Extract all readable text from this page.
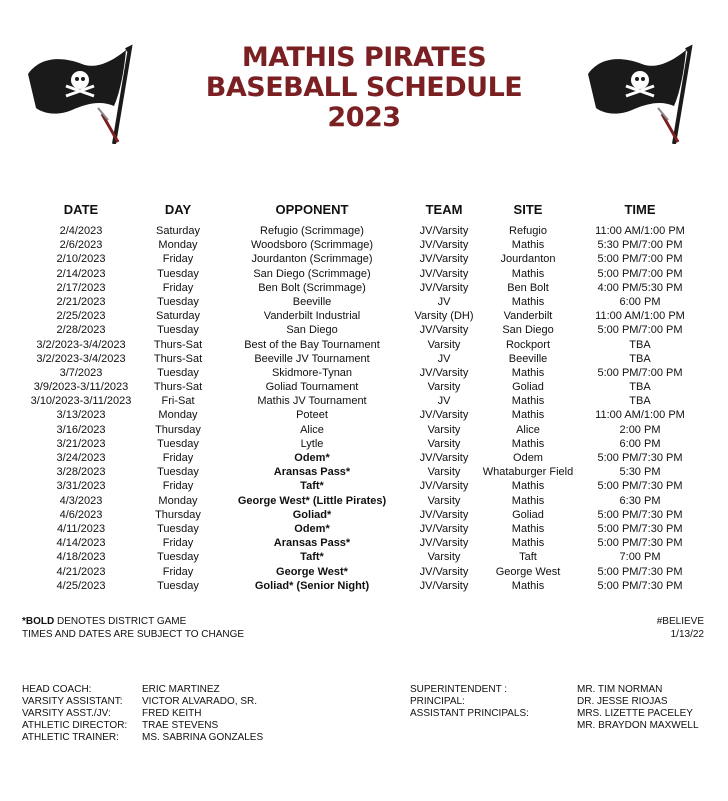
MATHIS PIRATES
BASEBALL SCHEDULE
2023
DATE	DAY	OPPONENT	TEAM	SITE	TIME
2/4/2023	Saturday	Refugio (Scrimmage)	JV/Varsity	Refugio	11:00 AM/1:00 PM
2/6/2023	Monday	Woodsboro (Scrimmage)	JV/Varsity	Mathis	5:30 PM/7:00 PM
2/10/2023	Friday	Jourdanton (Scrimmage)	JV/Varsity	Jourdanton	5:00 PM/7:00 PM
2/14/2023	Tuesday	San Diego (Scrimmage)	JV/Varsity	Mathis	5:00 PM/7:00 PM
2/17/2023	Friday	Ben Bolt (Scrimmage)	JV/Varsity	Ben Bolt	4:00 PM/5:30 PM
2/21/2023	Tuesday	Beeville	JV	Mathis	6:00 PM
2/25/2023	Saturday	Vanderbilt Industrial	Varsity (DH)	Vanderbilt	11:00 AM/1:00 PM
2/28/2023	Tuesday	San Diego	JV/Varsity	San Diego	5:00 PM/7:00 PM
3/2/2023-3/4/2023	Thurs-Sat	Best of the Bay Tournament	Varsity	Rockport	TBA
3/2/2023-3/4/2023	Thurs-Sat	Beeville JV Tournament	JV	Beeville	TBA
3/7/2023	Tuesday	Skidmore-Tynan	JV/Varsity	Mathis	5:00 PM/7:00 PM
3/9/2023-3/11/2023	Thurs-Sat	Goliad Tournament	Varsity	Goliad	TBA
3/10/2023-3/11/2023	Fri-Sat	Mathis JV Tournament	JV	Mathis	TBA
3/13/2023	Monday	Poteet	JV/Varsity	Mathis	11:00 AM/1:00 PM
3/16/2023	Thursday	Alice	Varsity	Alice	2:00 PM
3/21/2023	Tuesday	Lytle	Varsity	Mathis	6:00 PM
3/24/2023	Friday	Odem*	JV/Varsity	Odem	5:00 PM/7:30 PM
3/28/2023	Tuesday	Aransas Pass*	Varsity	Whataburger Field	5:30 PM
3/31/2023	Friday	Taft*	JV/Varsity	Mathis	5:00 PM/7:30 PM
4/3/2023	Monday	George West* (Little Pirates)	Varsity	Mathis	6:30 PM
4/6/2023	Thursday	Goliad*	JV/Varsity	Goliad	5:00 PM/7:30 PM
4/11/2023	Tuesday	Odem*	JV/Varsity	Mathis	5:00 PM/7:30 PM
4/14/2023	Friday	Aransas Pass*	JV/Varsity	Mathis	5:00 PM/7:30 PM
4/18/2023	Tuesday	Taft*	Varsity	Taft	7:00 PM
4/21/2023	Friday	George West*	JV/Varsity	George West	5:00 PM/7:30 PM
4/25/2023	Tuesday	Goliad* (Senior Night)	JV/Varsity	Mathis	5:00 PM/7:30 PM
*BOLD DENOTES DISTRICT GAME
TIMES AND DATES ARE SUBJECT TO CHANGE
#BELIEVE
1/13/22
HEAD COACH:	ERIC MARTINEZ
VARSITY ASSISTANT: VICTOR ALVARADO, SR.
VARSITY ASST./JV:	FRED KEITH
ATHLETIC DIRECTOR: TRAE STEVENS
ATHLETIC TRAINER: MS. SABRINA GONZALES
SUPERINTENDENT :	MR. TIM NORMAN
PRINCIPAL:	DR. JESSE RIOJAS
ASSISTANT PRINCIPALS:	MRS. LIZETTE PACELEY
MR. BRAYDON MAXWELL
